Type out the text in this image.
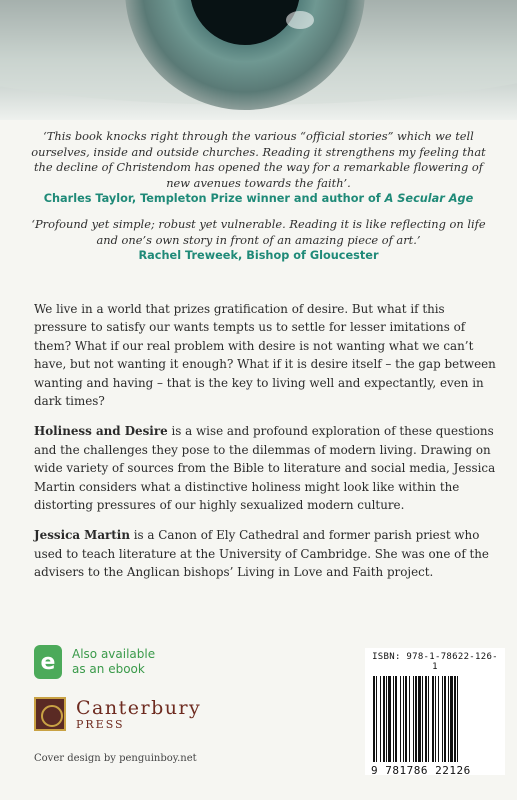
‘This book knocks right through the various “official stories” which we tell ourselves, inside and outside churches. Reading it strengthens my feeling that the decline of Christendom has opened the way for a remarkable flowering of new avenues towards the faith’.
Charles Taylor, Templeton Prize winner and author of A Secular Age
‘Profound yet simple; robust yet vulnerable. Reading it is like reflecting on life and one’s own story in front of an amazing piece of art.’
Rachel Treweek, Bishop of Gloucester

We live in a world that prizes gratification of desire. But what if this pressure to satisfy our wants tempts us to settle for lesser imitations of them? What if our real problem with desire is not wanting what we can’t have, but not wanting it enough? What if it is desire itself – the gap between wanting and having – that is the key to living well and expectantly, even in dark times?

Holiness and Desire is a wise and profound exploration of these questions and the challenges they pose to the dilemmas of modern living. Drawing on wide variety of sources from the Bible to literature and social media, Jessica Martin considers what a distinctive holiness might look like within the distorting pressures of our highly sexualized modern culture.

Jessica Martin is a Canon of Ely Cathedral and former parish priest who used to teach literature at the University of Cambridge. She was one of the advisers to the Anglican bishops’ Living in Love and Faith project.

e	Also available
as an ebook
Canterbury
PRESS
Cover design by penguinboy.net
ISBN: 978-1-78622-126-1
9 781786 22126
